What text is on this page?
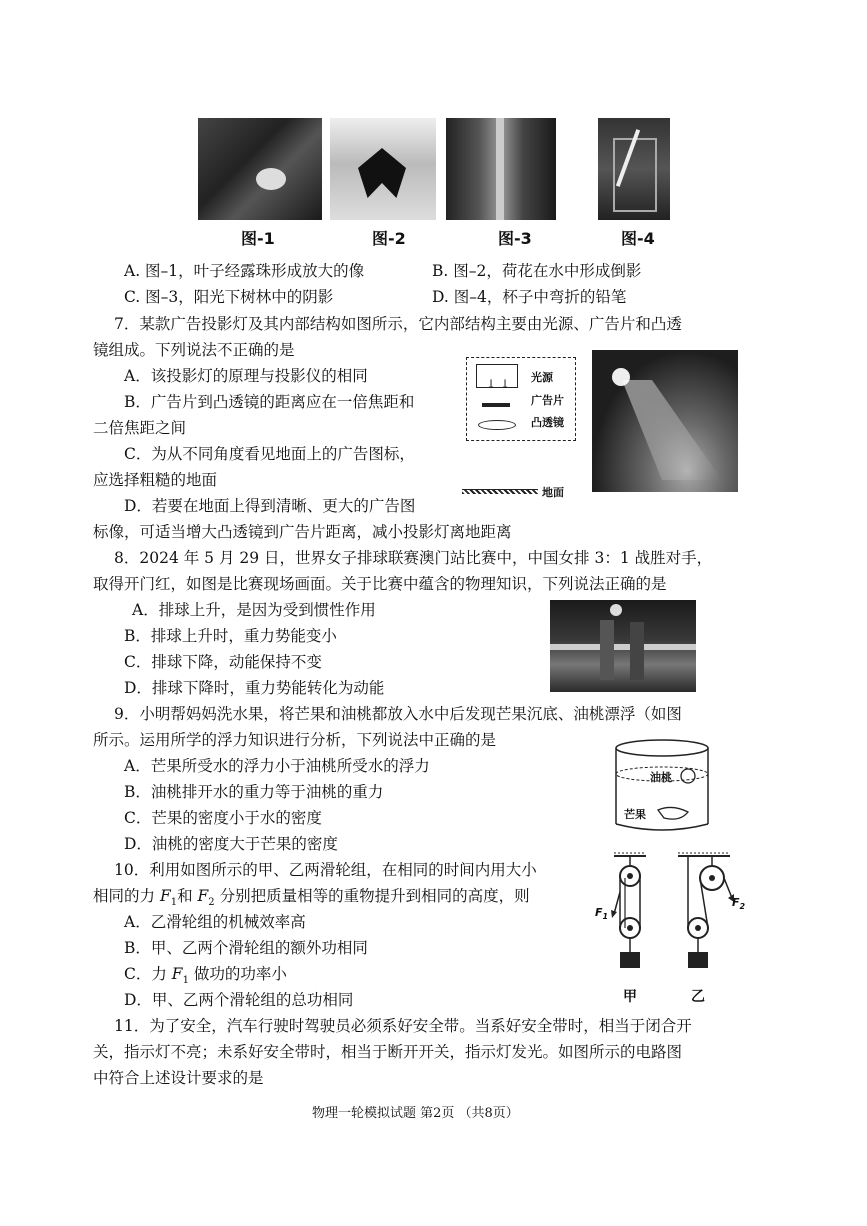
图-1	图-2	图-3	图-4
A. 图–1，叶子经露珠形成放大的像	B. 图–2，荷花在水中形成倒影
C. 图–3，阳光下树林中的阴影	D. 图–4，杯子中弯折的铅笔
7．某款广告投影灯及其内部结构如图所示，它内部结构主要由光源、广告片和凸透
镜组成。下列说法不正确的是
A．该投影灯的原理与投影仪的相同
B．广告片到凸透镜的距离应在一倍焦距和
二倍焦距之间
C．为从不同角度看见地面上的广告图标，
应选择粗糙的地面
D．若要在地面上得到清晰、更大的广告图
标像，可适当增大凸透镜到广告片距离，减小投影灯离地距离
↓ ↓ 光源
广告片
凸透镜
地面
8．2024 年 5 月 29 日，世界女子排球联赛澳门站比赛中，中国女排 3：1 战胜对手，
取得开门红，如图是比赛现场画面。关于比赛中蕴含的物理知识，下列说法正确的是
A．排球上升，是因为受到惯性作用
B．排球上升时，重力势能变小
C．排球下降，动能保持不变
D．排球下降时，重力势能转化为动能
9．小明帮妈妈洗水果，将芒果和油桃都放入水中后发现芒果沉底、油桃漂浮（如图
所示。运用所学的浮力知识进行分析，下列说法中正确的是
A．芒果所受水的浮力小于油桃所受水的浮力
B．油桃排开水的重力等于油桃的重力
C．芒果的密度小于水的密度
D．油桃的密度大于芒果的密度
油桃
芒果
10．利用如图所示的甲、乙两滑轮组，在相同的时间内用大小
相同的力 $F_1$和 $F_2$ 分别把质量相等的重物提升到相同的高度，则
A．乙滑轮组的机械效率高
B．甲、乙两个滑轮组的额外功相同
C．力 $F_1$ 做功的功率小
D．甲、乙两个滑轮组的总功相同
$F_1$
$F_2$
甲	乙
11．为了安全，汽车行驶时驾驶员必须系好安全带。当系好安全带时，相当于闭合开
关，指示灯不亮；未系好安全带时，相当于断开开关，指示灯发光。如图所示的电路图
中符合上述设计要求的是
物理一轮模拟试题 第2页 （共8页）
